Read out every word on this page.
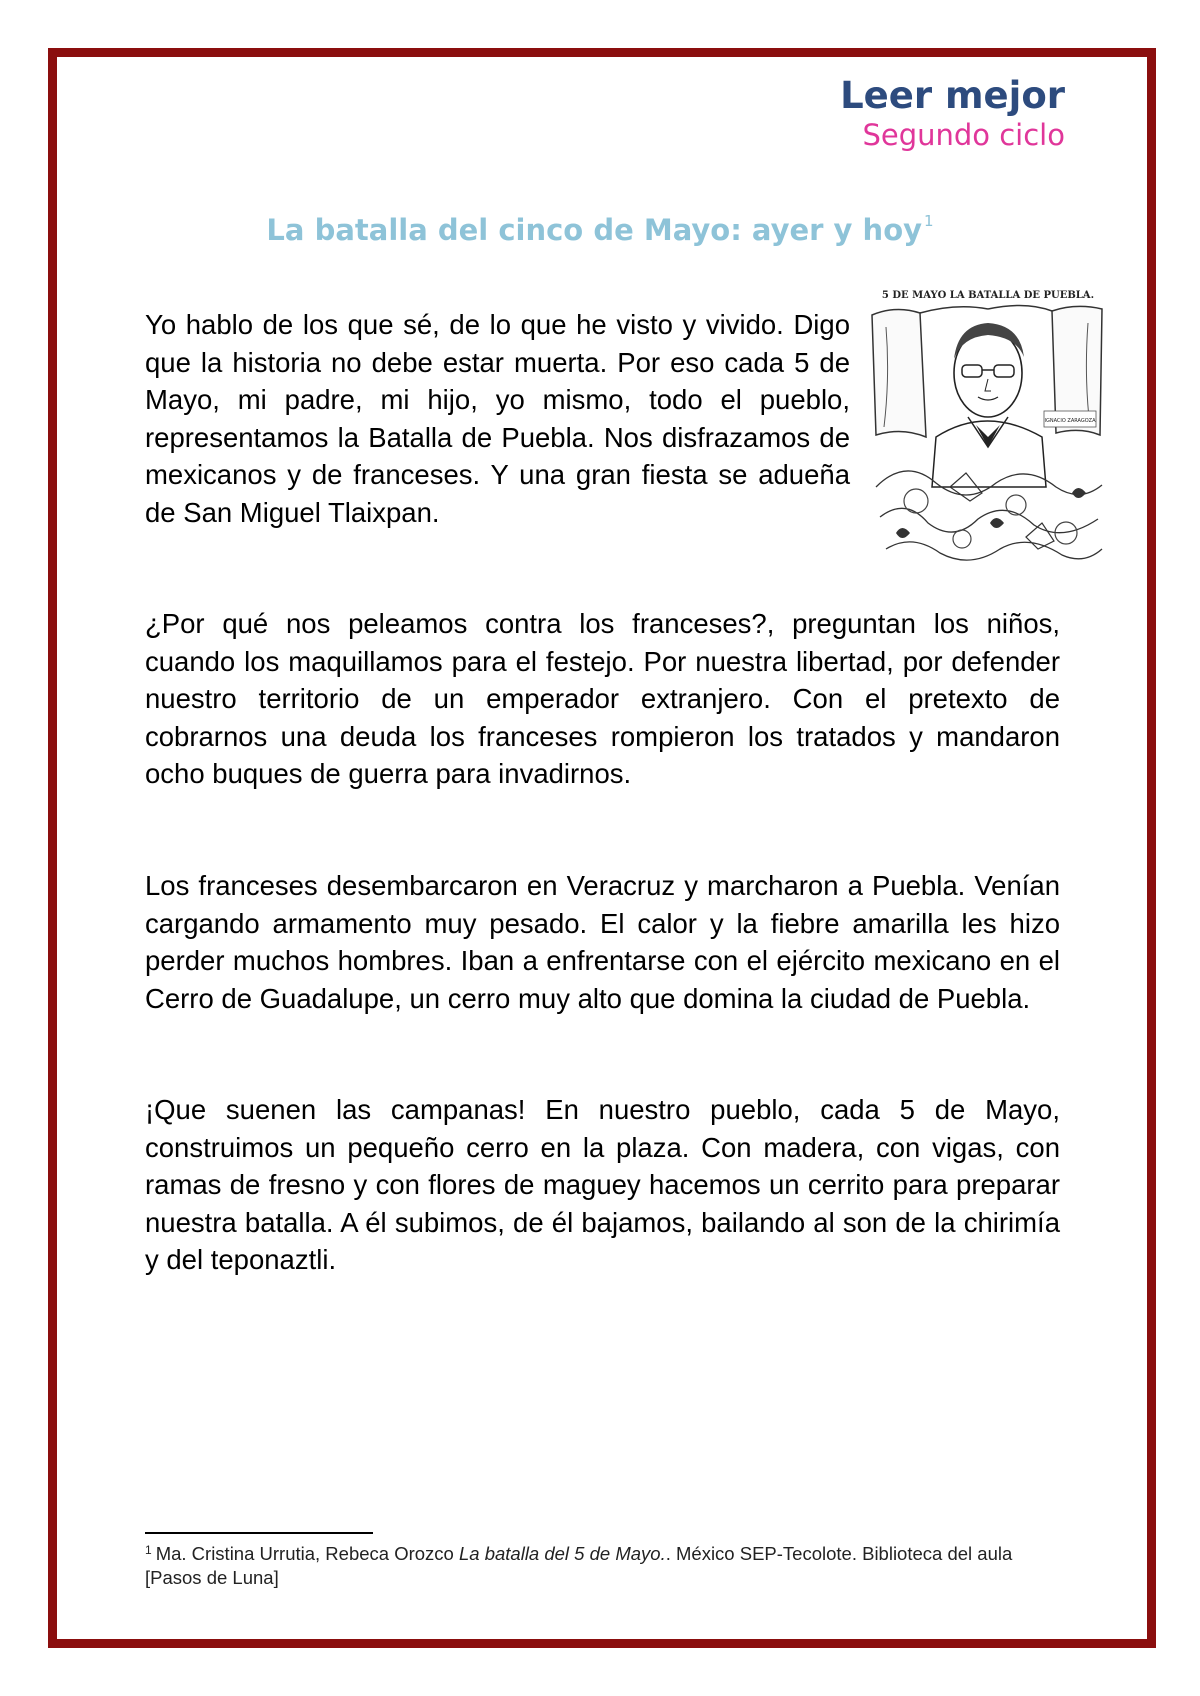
Leer mejor
Segundo ciclo
La batalla del cinco de Mayo: ayer y hoy $^1$
5 DE MAYO LA BATALLA DE PUEBLA.
IGNACIO ZARAGOZA

Yo hablo de los que sé, de lo que he visto y vivido. Digo que la historia no debe estar muerta. Por eso cada 5 de Mayo, mi padre, mi hijo, yo mismo, todo el pueblo, representamos la Batalla de Puebla. Nos disfrazamos de mexicanos y de franceses. Y una gran fiesta se adueña de San Miguel Tlaixpan.

¿Por qué nos peleamos contra los franceses?, preguntan los niños, cuando los maquillamos para el festejo. Por nuestra libertad, por defender nuestro territorio de un emperador extranjero. Con el pretexto de cobrarnos una deuda los franceses rompieron los tratados y mandaron ocho buques de guerra para invadirnos.

Los franceses desembarcaron en Veracruz y marcharon a Puebla. Venían cargando armamento muy pesado. El calor y la fiebre amarilla les hizo perder muchos hombres. Iban a enfrentarse con el ejército mexicano en el Cerro de Guadalupe, un cerro muy alto que domina la ciudad de Puebla.

¡Que suenen las campanas! En nuestro pueblo, cada 5 de Mayo, construimos un pequeño cerro en la plaza. Con madera, con vigas, con ramas de fresno y con flores de maguey hacemos un cerrito para preparar nuestra batalla. A él subimos, de él bajamos, bailando al son de la chirimía y del teponaztli.

$^1$ Ma. Cristina Urrutia, Rebeca Orozco La batalla del 5 de Mayo.. México SEP-Tecolote. Biblioteca del aula [Pasos de Luna]
